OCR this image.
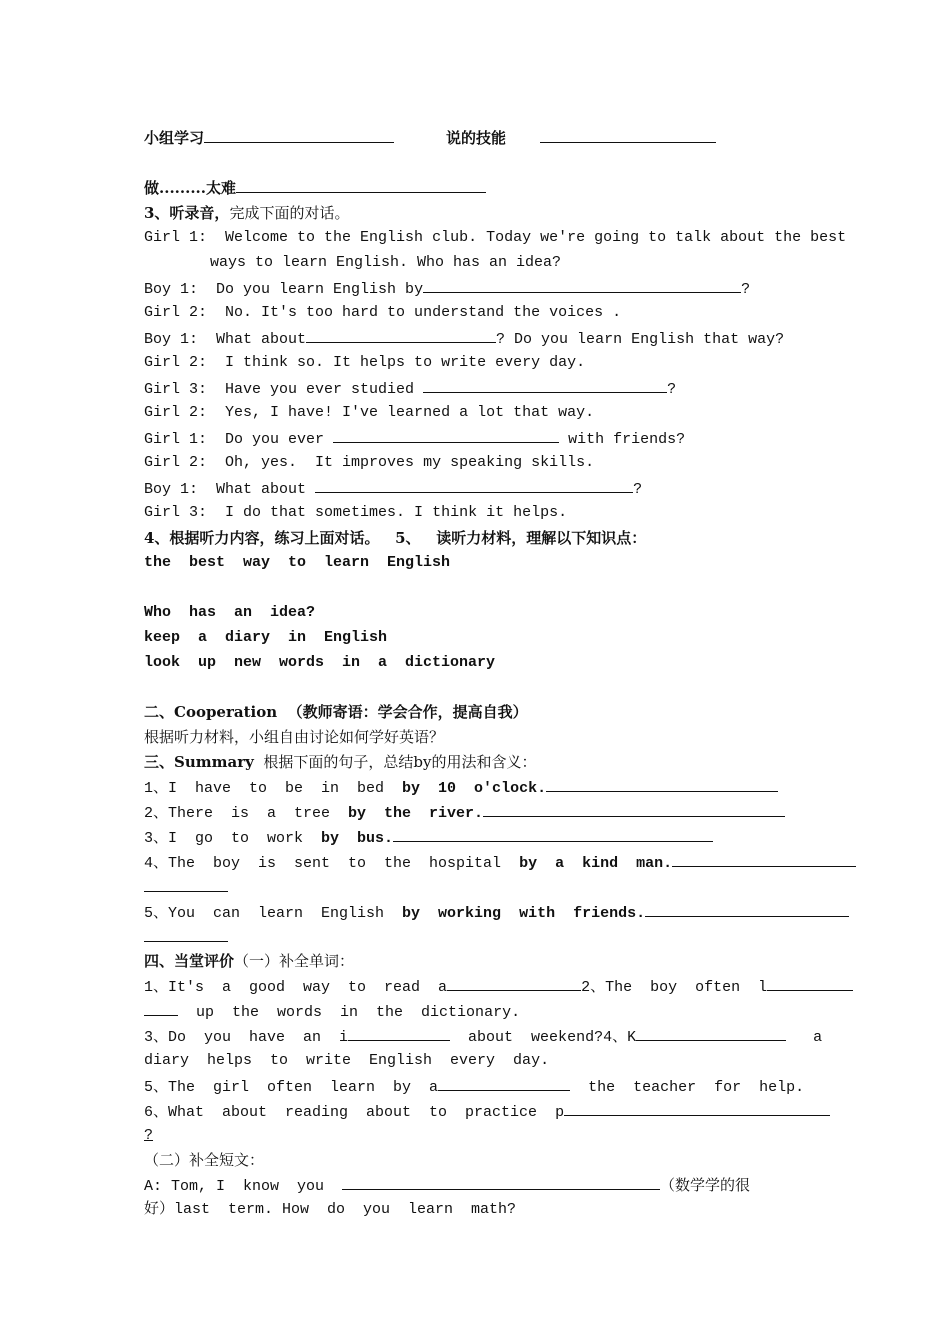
小组学习	说的技能
做.........太难
3、听录音，完成下面的对话。
Girl 1: Welcome to the English club. Today we're going to talk about the best
ways to learn English. Who has an idea?
Boy 1: Do you learn English by	?
Girl 2: No. It's too hard to understand the voices .
Boy 1: What about	? Do you learn English that way?
Girl 2: I think so. It helps to write every day.
Girl 3: Have you ever studied	?
Girl 2: Yes, I have! I've learned a lot that way.
Girl 1: Do you ever	with friends?
Girl 2: Oh, yes.  It improves my speaking skills.
Boy 1: What about	?
Girl 3: I do that sometimes. I think it helps.
4、根据听力内容，练习上面对话。   5、   读听力材料，理解以下知识点：
the  best  way  to  learn  English
Who  has  an  idea?
keep  a  diary  in  English
look  up  new  words  in  a  dictionary
二、Cooperation  （教师寄语：学会合作，提高自我）
根据听力材料，小组自由讨论如何学好英语？
三、Summary 根据下面的句子，总结by的用法和含义：
1、I  have  to  be  in  bed  by  10  o'clock.
2、There  is  a  tree  by  the  river.
3、I  go  to  work  by  bus.
4、The  boy  is  sent  to  the  hospital  by  a  kind  man.
5、You  can  learn  English  by  working  with  friends.
四、当堂评价（一）补全单词：
1、It's  a  good  way  to  read  a	2、The  boy  often  l
up  the  words  in  the  dictionary.
3、Do  you  have  an  i	about  weekend?4、K	a
diary  helps  to  write  English  every  day.
5、The  girl  often  learn  by  a	the  teacher  for  help.
6、What  about  reading  about  to  practice  p
?
（二）补全短文：
A: Tom, I  know  you	（数学学的很
好）last  term. How  do  you  learn  math?
